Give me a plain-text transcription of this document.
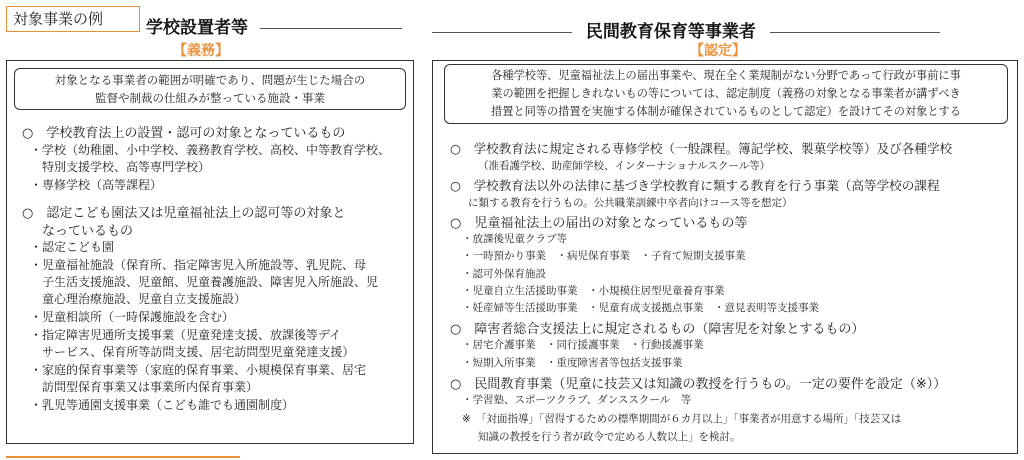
対象事業の例	学校設置者等
【義務】
対象となる事業者の範囲が明確であり、問題が生じた場合の
監督や制裁の仕組みが整っている施設・事業
○　学校教育法上の設置・認可の対象となっているもの
・学校（幼稚園、小中学校、義務教育学校、高校、中等教育学校、
特別支援学校、高等専門学校）
・専修学校（高等課程）
○　認定こども園法又は児童福祉法上の認可等の対象と
なっているもの
・認定こども園
・児童福祉施設（保育所、指定障害児入所施設等、乳児院、母
子生活支援施設、児童館、児童養護施設、障害児入所施設、児
童心理治療施設、児童自立支援施設）
・児童相談所（一時保護施設を含む）
・指定障害児通所支援事業（児童発達支援、放課後等デイ
サービス、保育所等訪問支援、居宅訪問型児童発達支援）
・家庭的保育事業等（家庭的保育事業、小規模保育事業、居宅
訪問型保育事業又は事業所内保育事業）
・乳児等通園支援事業（こども誰でも通園制度）
民間教育保育等事業者
【認定】
各種学校等、児童福祉法上の届出事業や、現在全く業規制がない分野であって行政が事前に事
業の範囲を把握しきれないもの等については、認定制度（義務の対象となる事業者が講ずべき
措置と同等の措置を実施する体制が確保されているものとして認定）を設けてその対象とする
○　学校教育法に規定される専修学校（一般課程。簿記学校、製菓学校等）及び各種学校
（准看護学校、助産師学校、インターナショナルスクール等）
○　学校教育法以外の法律に基づき学校教育に類する教育を行う事業（高等学校の課程
に類する教育を行うもの。公共職業訓練中卒者向けコース等を想定）
○　児童福祉法上の届出の対象となっているもの等
・放課後児童クラブ等
・一時預かり事業　・病児保育事業　・子育て短期支援事業
・認可外保育施設
・児童自立生活援助事業　・小規模住居型児童養育事業
・妊産婦等生活援助事業　・児童育成支援拠点事業　・意見表明等支援事業
○　障害者総合支援法上に規定されるもの（障害児を対象とするもの）
・居宅介護事業　・同行援護事業　・行動援護事業
・短期入所事業　・重度障害者等包括支援事業
○　民間教育事業（児童に技芸又は知識の教授を行うもの。一定の要件を設定（※））
・学習塾、スポーツクラブ、ダンススクール　等
※　「対面指導」「習得するための標準期間が６カ月以上」「事業者が用意する場所」「技芸又は
知識の教授を行う者が政令で定める人数以上」を検討。
